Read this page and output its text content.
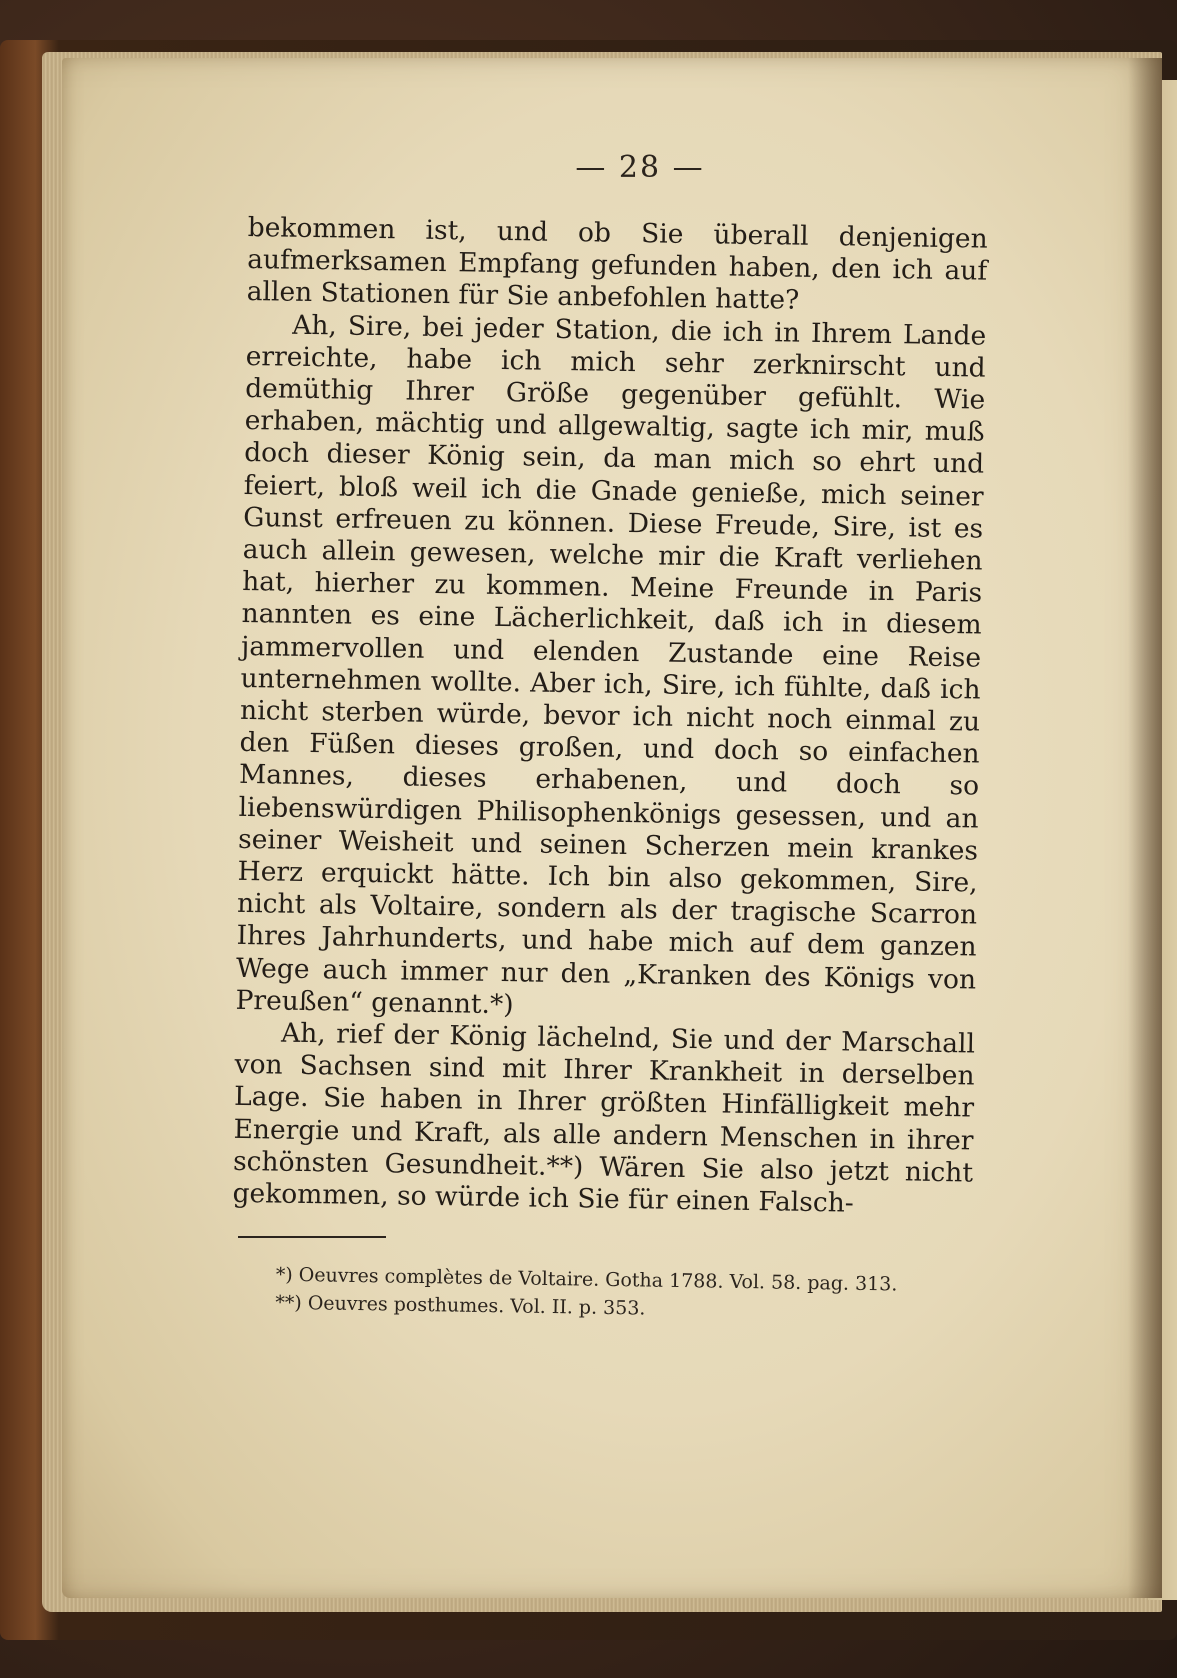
— 28 —

bekommen ist, und ob Sie überall denjenigen aufmerksamen Empfang gefunden haben, den ich auf allen Stationen für Sie anbefohlen hatte?

Ah, Sire, bei jeder Station, die ich in Ihrem Lande erreichte, habe ich mich sehr zerknirscht und demüthig Ihrer Größe gegenüber gefühlt. Wie erhaben, mächtig und allgewaltig, sagte ich mir, muß doch dieser König sein, da man mich so ehrt und feiert, bloß weil ich die Gnade genieße, mich seiner Gunst erfreuen zu können. Diese Freude, Sire, ist es auch allein gewesen, welche mir die Kraft verliehen hat, hierher zu kommen. Meine Freunde in Paris nannten es eine Lächerlichkeit, daß ich in diesem jammervollen und elenden Zustande eine Reise unternehmen wollte. Aber ich, Sire, ich fühlte, daß ich nicht sterben würde, bevor ich nicht noch einmal zu den Füßen dieses großen, und doch so einfachen Mannes, dieses erhabenen, und doch so liebenswürdigen Philisophenkönigs gesessen, und an seiner Weisheit und seinen Scherzen mein krankes Herz erquickt hätte. Ich bin also gekommen, Sire, nicht als Voltaire, sondern als der tragische Scarron Ihres Jahrhunderts, und habe mich auf dem ganzen Wege auch immer nur den „Kranken des Königs von Preußen“ genannt.*)

Ah, rief der König lächelnd, Sie und der Marschall von Sachsen sind mit Ihrer Krankheit in derselben Lage. Sie haben in Ihrer größten Hinfälligkeit mehr Energie und Kraft, als alle andern Menschen in ihrer schönsten Gesundheit.**) Wären Sie also jetzt nicht gekommen, so würde ich Sie für einen Falsch-

*) Oeuvres complètes de Voltaire. Gotha 1788. Vol. 58. pag. 313.

**) Oeuvres posthumes. Vol. II. p. 353.
